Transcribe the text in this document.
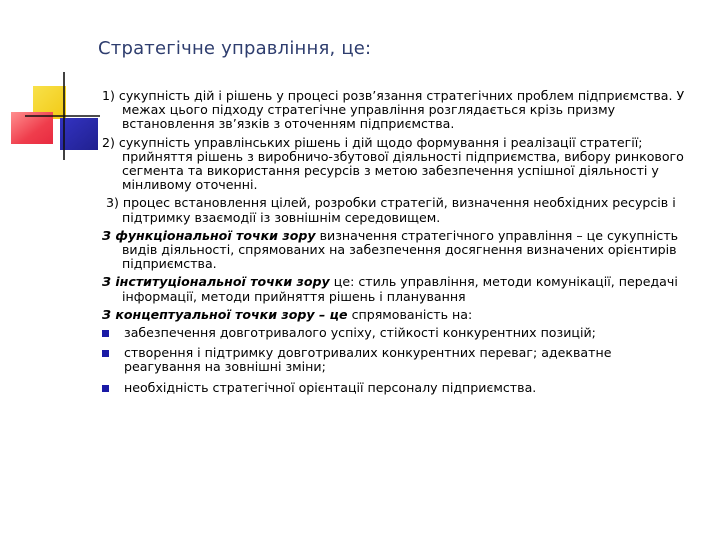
Стратегічне управління, це:

1) сукупність дій і рішень у процесі розв’язання стратегічних проблем підприємства. У межах цього підходу стратегічне управління розглядається крізь призму встановлення зв’язків з оточенням підприємства.

2) сукупність управлінських рішень і дій щодо формування і реалізації стратегії; прийняття рішень з виробничо-збутової діяльності підприємства, вибору ринкового сегмента та використання ресурсів з метою забезпечення успішної діяльності у мінливому оточенні.

3) процес встановлення цілей, розробки стратегій, визначення необхідних ресурсів і підтримку взаємодії із зовнішнім середовищем.

З функціональної точки зору визначення стратегічного управління – це сукупність видів діяльності, спрямованих на забезпечення досягнення визначених орієнтирів підприємства.

З інституціональної точки зору це: стиль управління, методи комунікації, передачі інформації, методи прийняття рішень і планування

З концептуальної точки зору – це спрямованість на:

забезпечення довготривалого успіху, стійкості конкурентних позицій;
створення і підтримку довготривалих конкурентних переваг; адекватне реагування на зовнішні зміни;
необхідність стратегічної орієнтації персоналу підприємства.
